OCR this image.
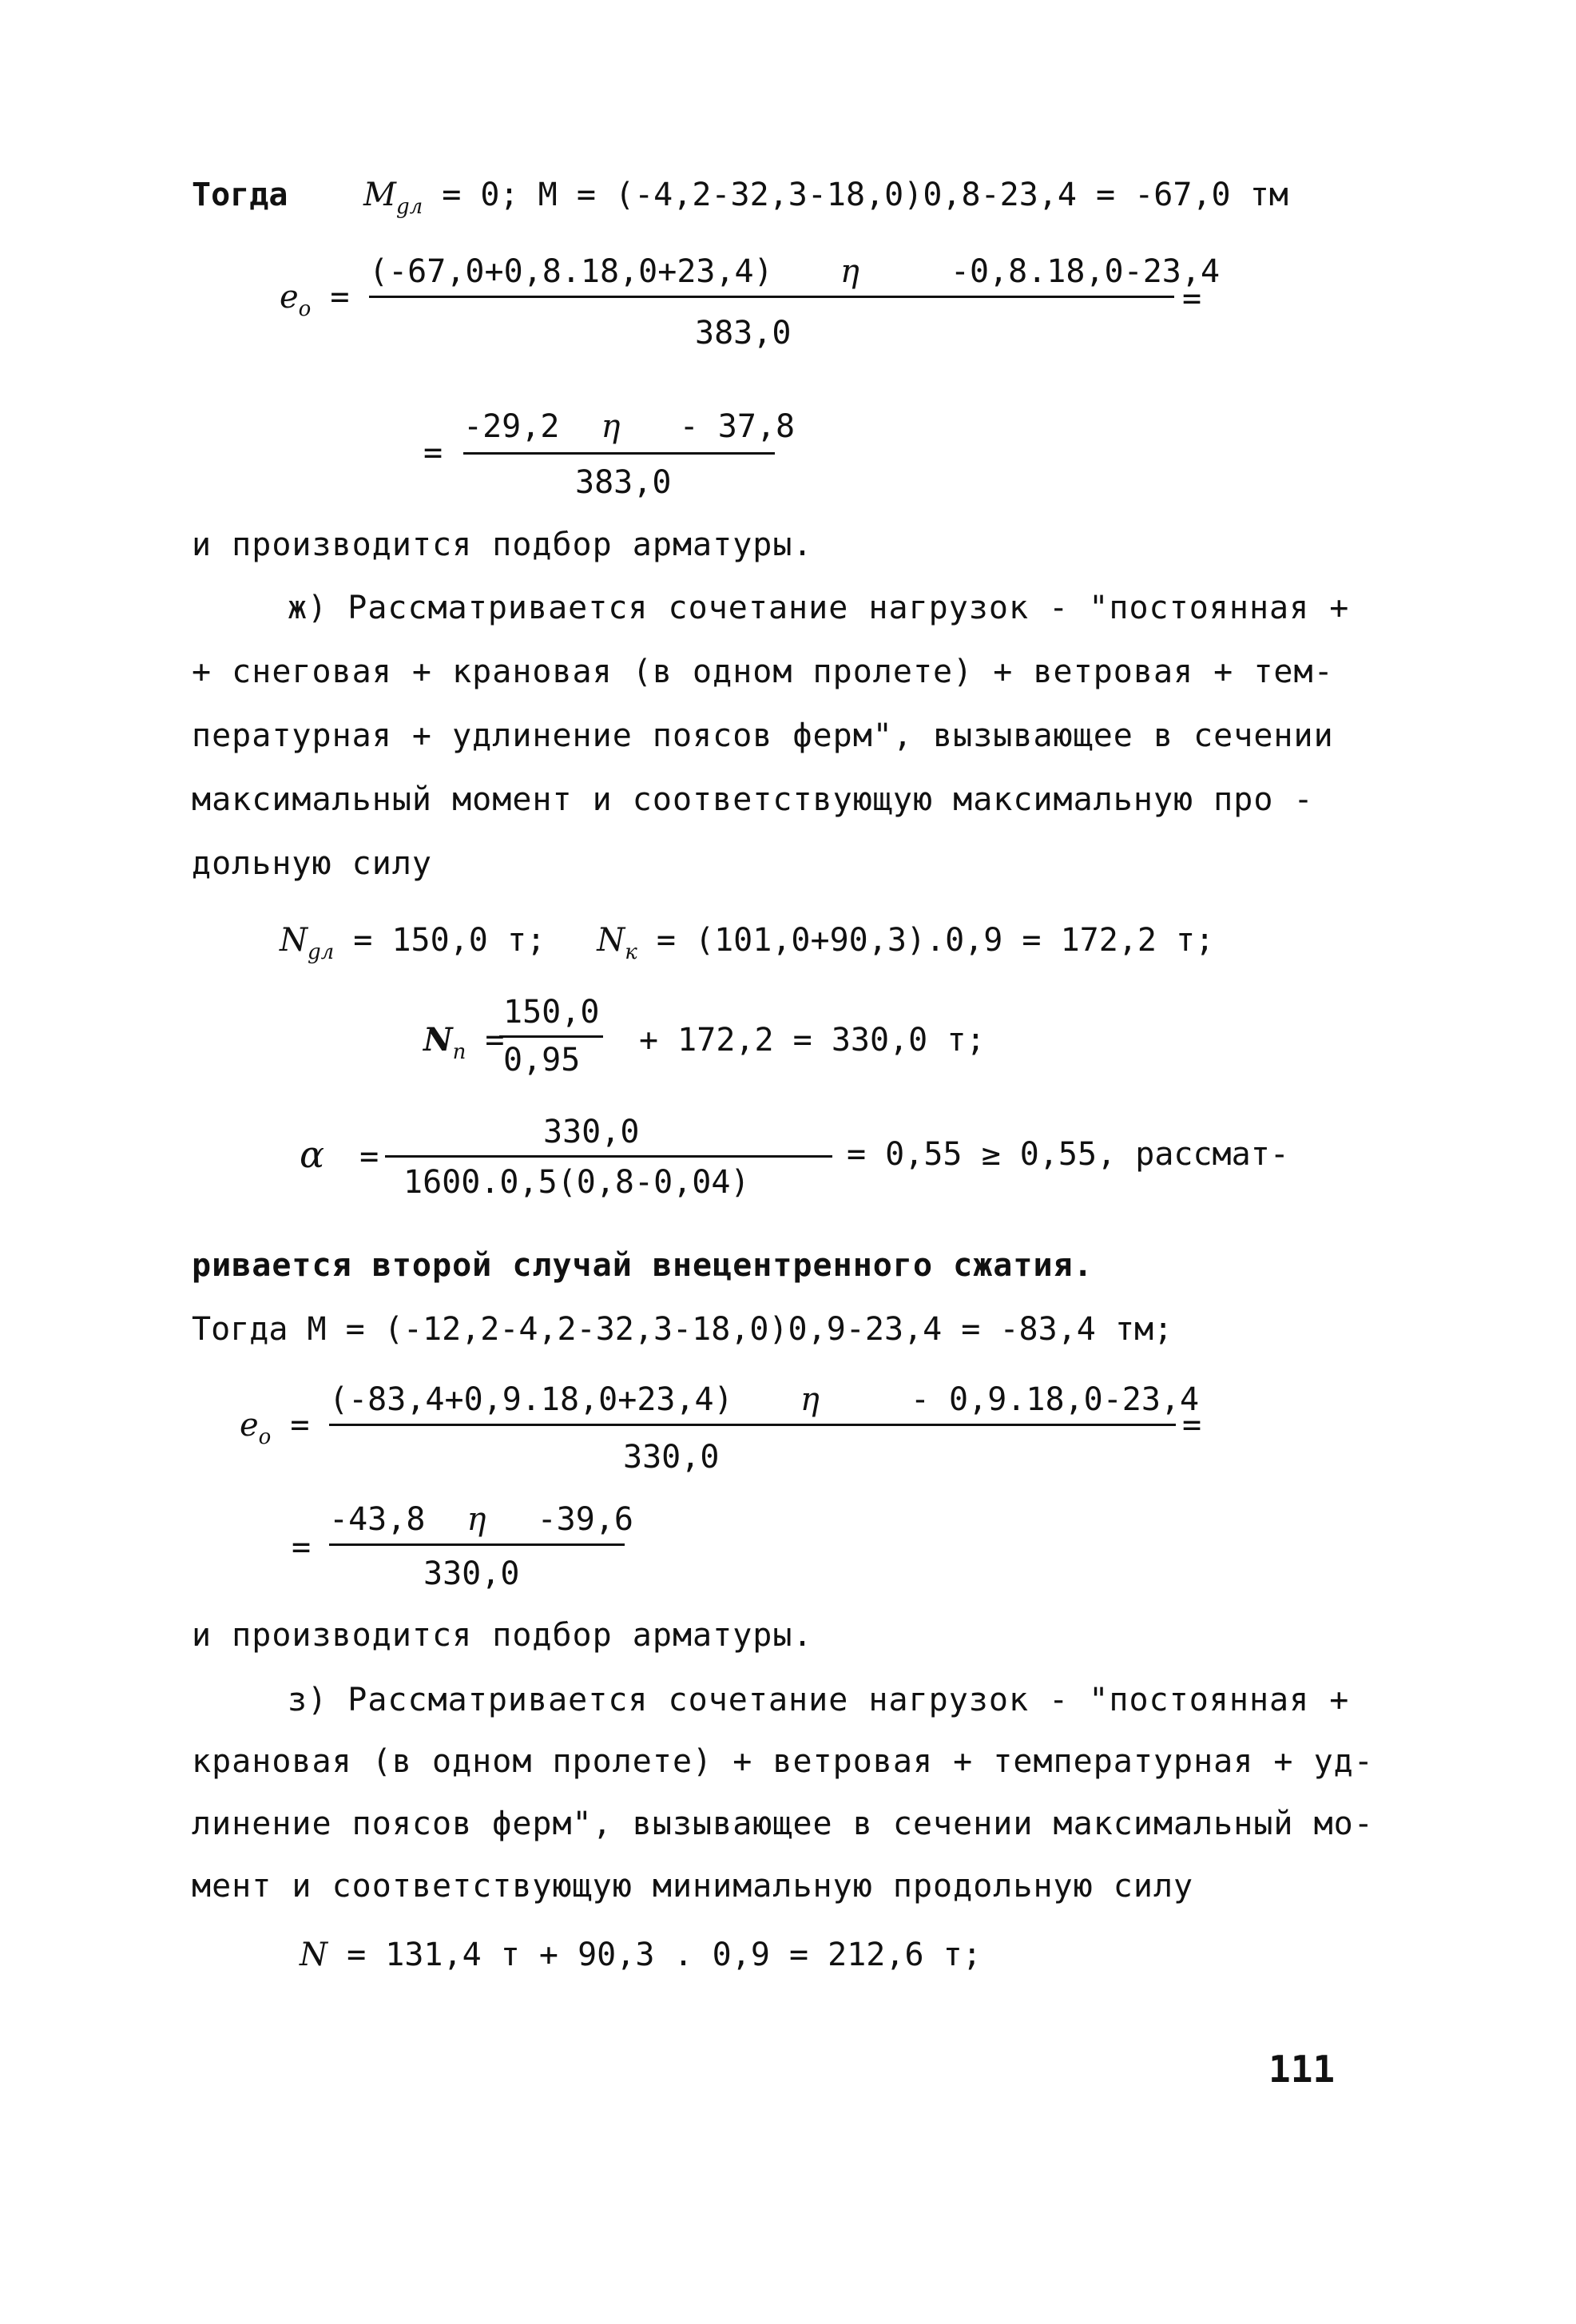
Тогда $M_{gл} = 0$; M = (-4,2-32,3-18,0)0,8-23,4 = -67,0 тм
$e_o$ =
(-67,0+0,8.18,0+23,4) η	-0,8.18,0-23,4
383,0
=
=
-29,2 η - 37,8
383,0
и производится подбор арматуры.
ж) Рассматривается сочетание нагрузок - "постоянная +
+ снеговая + крановая (в одном пролете) + ветровая + тем-
пературная + удлинение поясов ферм", вызывающее в сечении
максимальный момент и соответствующую максимальную про -
дольную силу
$N_{gл} = 150,0$ т; $N_к = (101,0+90,3).0,9 = 172,2$ т;
$N_п$ =
150,0
0,95
+ 172,2 = 330,0 т;
α =
330,0
1600.0,5(0,8-0,04)
= 0,55 ≥ 0,55, рассмат-
ривается второй случай внецентренного сжатия.
Тогда M = (-12,2-4,2-32,3-18,0)0,9-23,4 = -83,4 тм;
$e_o$ =
(-83,4+0,9.18,0+23,4) η	- 0,9.18,0-23,4
330,0
=
=
-43,8 η -39,6
330,0
и производится подбор арматуры.
з) Рассматривается сочетание нагрузок - "постоянная +
крановая (в одном пролете) + ветровая + температурная + уд-
линение поясов ферм", вызывающее в сечении максимальный мо-
мент и соответствующую минимальную продольную силу
N = 131,4 т + 90,3 . 0,9 = 212,6 т;
111
